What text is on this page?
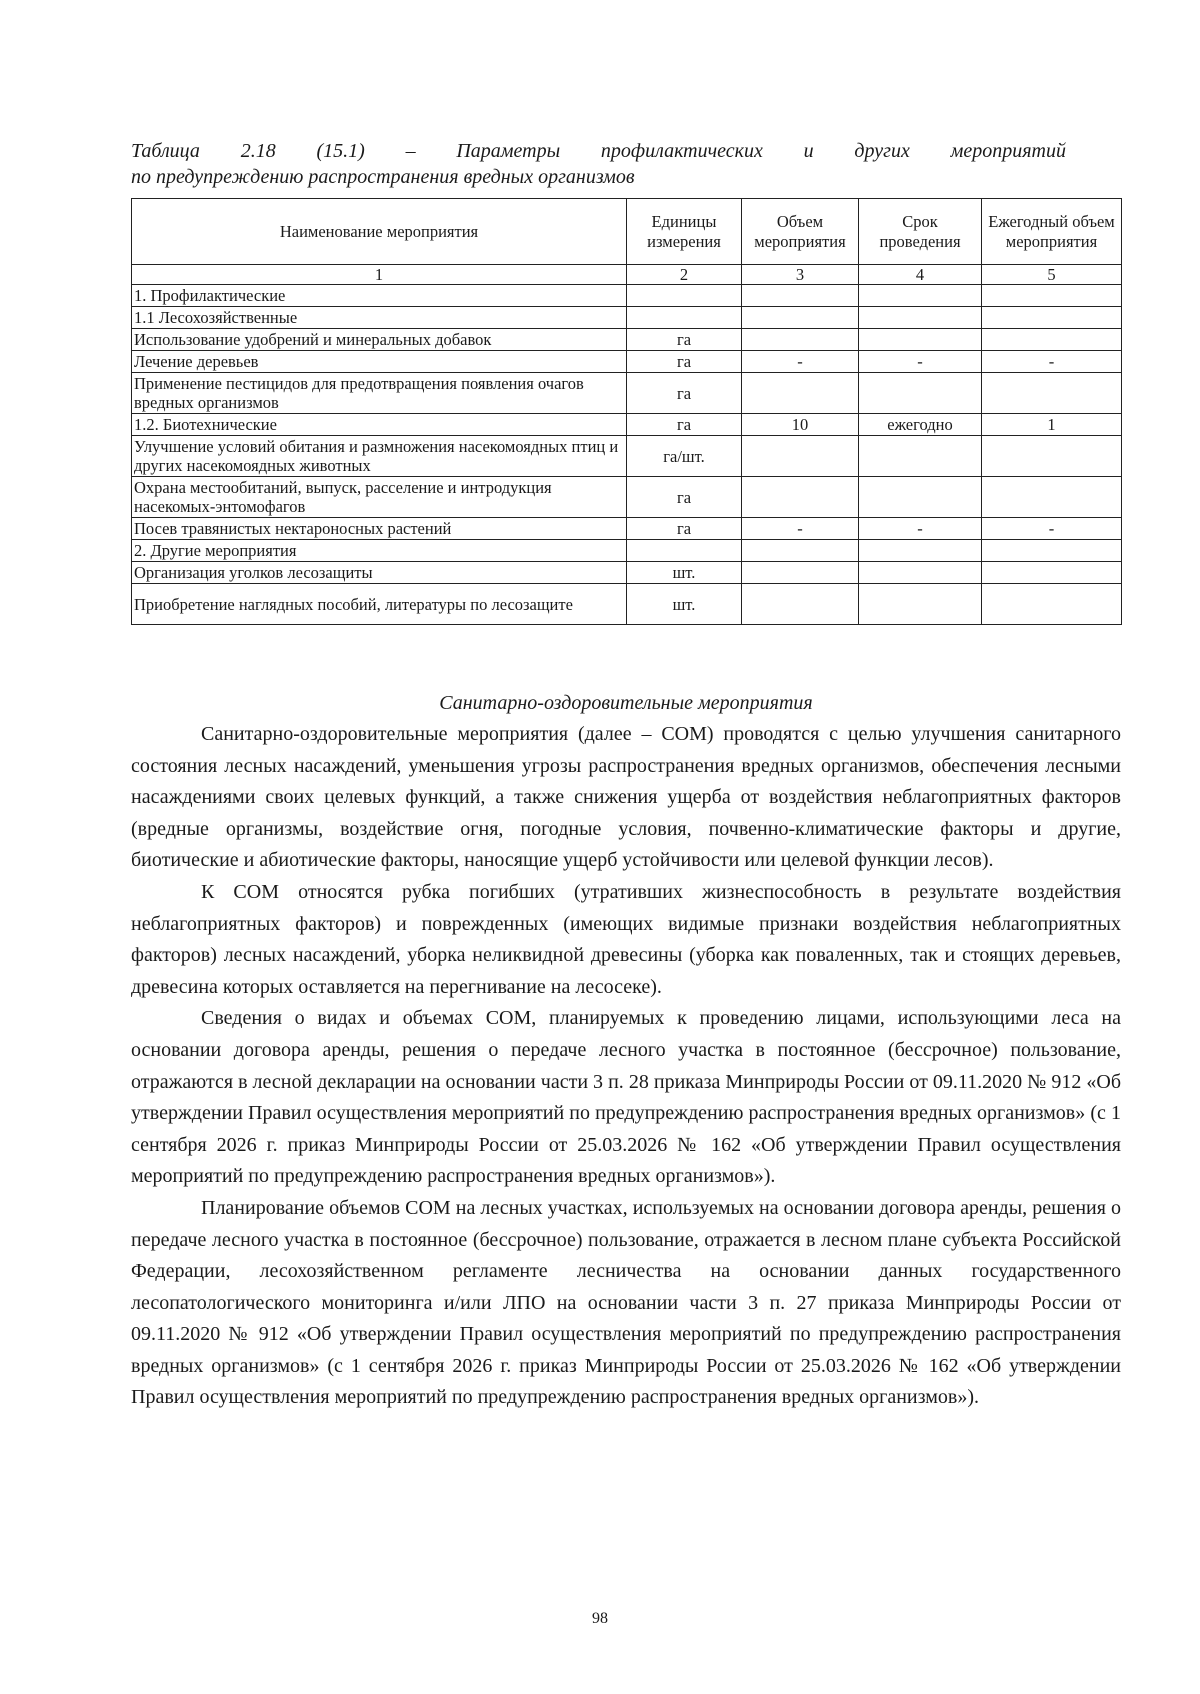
Таблица 2.18 (15.1) – Параметры профилактических и других мероприятий
по предупреждению распространения вредных организмов
Наименование мероприятия	Единицы измерения	Объем мероприятия	Срок проведения	Ежегодный объем мероприятия
1	2	3	4	5
1. Профилактические				
1.1 Лесохозяйственные				
Использование удобрений и минеральных добавок	га			
Лечение деревьев	га	-	-	-
Применение пестицидов для предотвращения появления очагов вредных организмов	га			
1.2. Биотехнические	га	10	ежегодно	1
Улучшение условий обитания и размножения насекомоядных птиц и других насекомоядных животных	га/шт.			
Охрана местообитаний, выпуск, расселение и интродукция насекомых-энтомофагов	га			
Посев травянистых нектароносных растений	га	-	-	-
2. Другие мероприятия				
Организация уголков лесозащиты	шт.			
Приобретение наглядных пособий, литературы по лесозащите	шт.			
Санитарно-оздоровительные мероприятия

Санитарно-оздоровительные мероприятия (далее – СОМ) проводятся с целью улучшения санитарного состояния лесных насаждений, уменьшения угрозы распространения вредных организмов, обеспечения лесными насаждениями своих целевых функций, а также снижения ущерба от воздействия неблагоприятных факторов (вредные организмы, воздействие огня, погодные условия, почвенно-климатические факторы и другие, биотические и абиотические факторы, наносящие ущерб устойчивости или целевой функции лесов).

К СОМ относятся рубка погибших (утративших жизнеспособность в результате воздействия неблагоприятных факторов) и поврежденных (имеющих видимые признаки воздействия неблагоприятных факторов) лесных насаждений, уборка неликвидной древесины (уборка как поваленных, так и стоящих деревьев, древесина которых оставляется на перегнивание на лесосеке).

Сведения о видах и объемах СОМ, планируемых к проведению лицами, использующими леса на основании договора аренды, решения о передаче лесного участка в постоянное (бессрочное) пользование, отражаются в лесной декларации на основании части 3 п. 28 приказа Минприроды России от 09.11.2020 № 912 «Об утверждении Правил осуществления мероприятий по предупреждению распространения вредных организмов» (с 1 сентября 2026 г. приказ Минприроды России от 25.03.2026 № 162 «Об утверждении Правил осуществления мероприятий по предупреждению распространения вредных организмов»).

Планирование объемов СОМ на лесных участках, используемых на основании договора аренды, решения о передаче лесного участка в постоянное (бессрочное) пользование, отражается в лесном плане субъекта Российской Федерации, лесохозяйственном регламенте лесничества на основании данных государственного лесопатологического мониторинга и/или ЛПО на основании части 3 п. 27 приказа Минприроды России от 09.11.2020 № 912 «Об утверждении Правил осуществления мероприятий по предупреждению распространения вредных организмов» (с 1 сентября 2026 г. приказ Минприроды России от 25.03.2026 № 162 «Об утверждении Правил осуществления мероприятий по предупреждению распространения вредных организмов»).

98
